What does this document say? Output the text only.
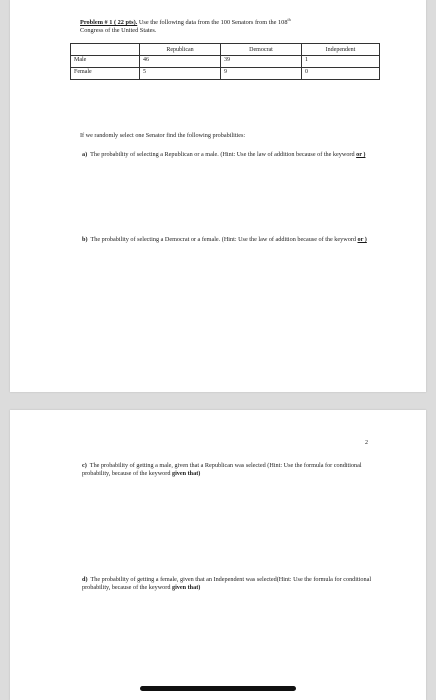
Problem # 1 ( 22 pts). Use the following data from the 100 Senators from the 108th
Congress of the United States.
	Republican	Democrat	Independent
Male	46	39	1
Female	5	9	0
If we randomly select one Senator find the following probabilities:
a) The probability of selecting a Republican or a male. (Hint: Use the law of addition because of the keyword or )
b) The probability of selecting a Democrat or a female. (Hint: Use the law of addition because of the keyword or )
2
c) The probability of getting a male, given that a Republican was selected (Hint: Use the formula for conditional probability, because of the keyword given that)
d) The probability of getting a female, given that an Independent was selected(Hint: Use the formula for conditional probability, because of the keyword given that)
